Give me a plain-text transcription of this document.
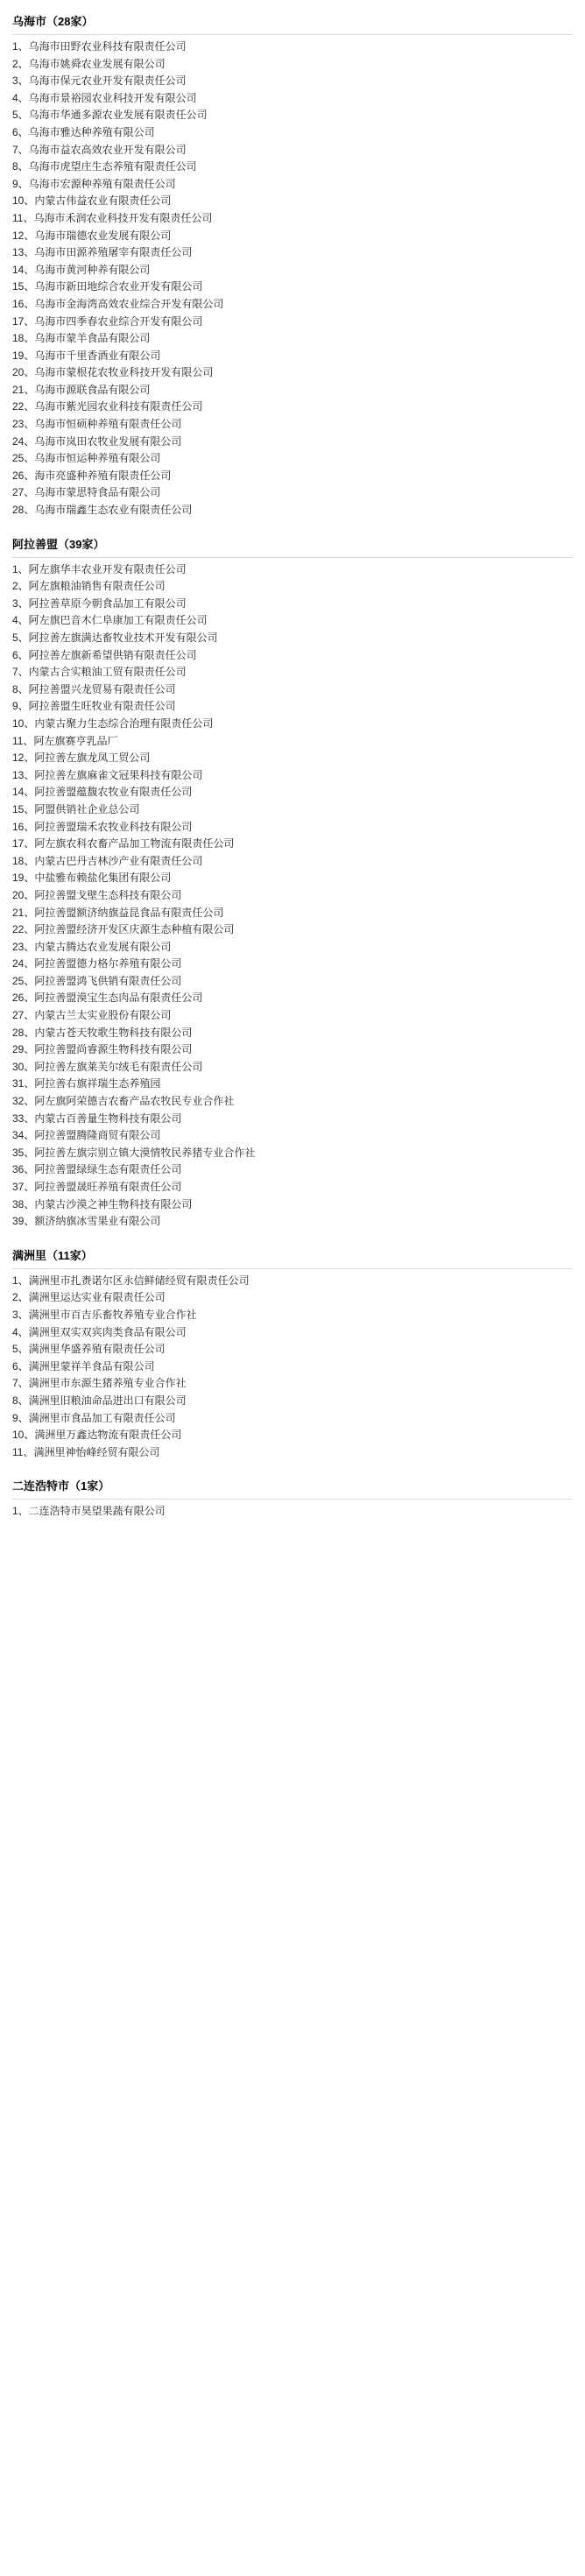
乌海市（28家）
1、乌海市田野农业科技有限责任公司
2、乌海市姚舜农业发展有限公司
3、乌海市保元农业开发有限责任公司
4、乌海市景裕园农业科技开发有限公司
5、乌海市华通多源农业发展有限责任公司
6、乌海市雅达种养殖有限公司
7、乌海市益农高效农业开发有限公司
8、乌海市虎望庄生态养殖有限责任公司
9、乌海市宏源种养殖有限责任公司
10、内蒙古伟益农业有限责任公司
11、乌海市禾润农业科技开发有限责任公司
12、乌海市瑞德农业发展有限公司
13、乌海市田源养殖屠宰有限责任公司
14、乌海市黄河种养有限公司
15、乌海市新田地综合农业开发有限公司
16、乌海市金海湾高效农业综合开发有限公司
17、乌海市四季春农业综合开发有限公司
18、乌海市蒙羊食品有限公司
19、乌海市千里香酒业有限公司
20、乌海市蒙根花农牧业科技开发有限公司
21、乌海市源联食品有限公司
22、乌海市紫光园农业科技有限责任公司
23、乌海市恒硕种养殖有限责任公司
24、乌海市岚田农牧业发展有限公司
25、乌海市恒运种养殖有限公司
26、海市亮盛种养殖有限责任公司
27、乌海市蒙思特食品有限公司
28、乌海市瑞鑫生态农业有限责任公司
阿拉善盟（39家）
1、阿左旗华丰农业开发有限责任公司
2、阿左旗粮油销售有限责任公司
3、阿拉善草原今朝食品加工有限公司
4、阿左旗巴音木仁阜康加工有限责任公司
5、阿拉善左旗满达畜牧业技术开发有限公司
6、阿拉善左旗新希望供销有限责任公司
7、内蒙古合实粮油工贸有限责任公司
8、阿拉善盟兴龙贸易有限责任公司
9、阿拉善盟生旺牧业有限责任公司
10、内蒙古聚力生态综合治理有限责任公司
11、阿左旗赛亨乳品厂
12、阿拉善左旗龙凤工贸公司
13、阿拉善左旗麻雀文冠果科技有限公司
14、阿拉善盟蕴馥农牧业有限责任公司
15、阿盟供销社企业总公司
16、阿拉善盟瑞禾农牧业科技有限公司
17、阿左旗农科农畜产品加工物流有限责任公司
18、内蒙古巴丹吉林沙产业有限责任公司
19、中盐雅布赖盐化集团有限公司
20、阿拉善盟戈壁生态科技有限公司
21、阿拉善盟额济纳旗益昆食品有限责任公司
22、阿拉善盟经济开发区庆源生态种植有限公司
23、内蒙古腾达农业发展有限公司
24、阿拉善盟德力格尔养殖有限公司
25、阿拉善盟鸿飞供销有限责任公司
26、阿拉善盟漠宝生态肉品有限责任公司
27、内蒙古兰太实业股份有限公司
28、内蒙古苍天牧歌生物科技有限公司
29、阿拉善盟尚睿源生物科技有限公司
30、阿拉善左旗莱芙尔绒毛有限责任公司
31、阿拉善右旗祥瑞生态养殖园
32、阿左旗阿荣德吉农畜产品农牧民专业合作社
33、内蒙古百善量生物科技有限公司
34、阿拉善盟腾隆商贸有限公司
35、阿拉善左旗宗别立镇大漠情牧民养猪专业合作社
36、阿拉善盟绿绿生态有限责任公司
37、阿拉善盟晟旺养殖有限责任公司
38、内蒙古沙漠之神生物科技有限公司
39、额济纳旗冰雪果业有限公司
满洲里（11家）
1、满洲里市扎赉诺尔区永信鲜储经贸有限责任公司
2、满洲里运达实业有限责任公司
3、满洲里市百吉乐畜牧养殖专业合作社
4、满洲里双实双宾肉类食品有限公司
5、满洲里华盛养殖有限责任公司
6、满洲里蒙祥羊食品有限公司
7、满洲里市东源生猪养殖专业合作社
8、满洲里旧粮油命品进出口有限公司
9、满洲里市食品加工有限责任公司
10、满洲里万鑫达物流有限责任公司
11、满洲里神怡峰经贸有限公司
二连浩特市（1家）
1、二连浩特市昊望果蔬有限公司
